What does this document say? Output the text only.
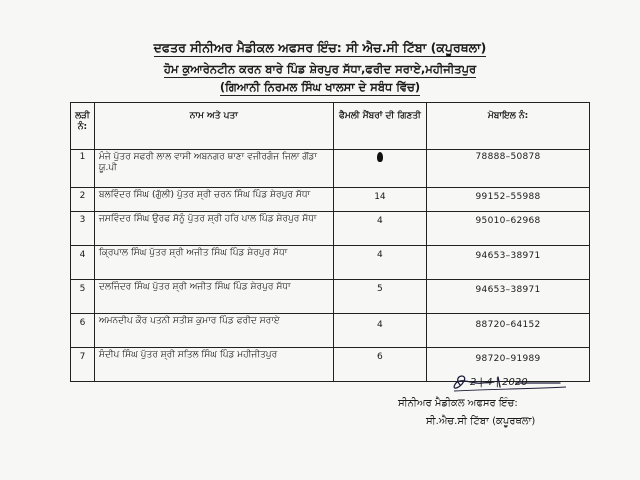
ਦਫਤਰ ਸੀਨੀਅਰ ਮੈਡੀਕਲ ਅਫਸਰ ਇੰਚ: ਸੀ ਐਚ.ਸੀ ਟਿੱਬਾ (ਕਪੂਰਥਲਾ)
ਹੋਮ ਕੁਆਰੇਨਟੀਨ ਕਰਨ ਬਾਰੇ ਪਿੰਡ ਸ਼ੇਰਪੁਰ ਸੱਧਾ,ਫਰੀਦ ਸਰਾਏ,ਮਹੀਜੀਤਪੁਰ
(ਗਿਆਨੀ ਨਿਰਮਲ ਸਿੰਘ ਖਾਲਸਾ ਦੇ ਸਬੰਧ ਵਿੱਚ)
ਲੜੀ ਨੰ:	ਨਾਮ ਅਤੇ ਪਤਾ	ਫੈਮਲੀ ਮੈਂਬਰਾਂ ਦੀ ਗਿਣਤੀ	ਮੋਬਾਇਲ ਨੰ:
1	ਮੰਜੇ ਪੁੱਤਰ ਸਫਰੀ ਲਾਲ ਵਾਸੀ ਅਬਨਗਰ ਥਾਣਾ ਵਜੀਰਗੰਜ ਜਿਲਾ ਗੋਂਡਾ ਯੂ.ਪੀ		78888–50878
2	ਬਲਵਿੰਦਰ ਸਿੰਘ (ਗੁੱਲੀ) ਪੁੱਤਰ ਸ਼੍ਰੀ ਚਰਨ ਸਿੰਘ ਪਿੰਡ ਸ਼ੇਰਪੁਰ ਸੱਧਾ	14	99152–55988
3	ਜਸਵਿੰਦਰ ਸਿੰਘ ਉਰਫ ਸੋਨੂੰ ਪੁੱਤਰ ਸ਼੍ਰੀ ਹਰਿ ਪਾਲ ਪਿੰਡ ਸ਼ੇਰਪੁਰ ਸੱਧਾ	4	95010–62968
4	ਕ੍ਰਿਪਾਲ ਸਿੰਘ ਪੁੱਤਰ ਸ਼੍ਰੀ ਅਜੀਤ ਸਿੰਘ ਪਿੰਡ ਸ਼ੇਰਪੁਰ ਸੱਧਾ	4	94653–38971
5	ਦਲਜਿੰਦਰ ਸਿੰਘ ਪੁੱਤਰ ਸ਼੍ਰੀ ਅਜੀਤ ਸਿੰਘ ਪਿੰਡ ਸ਼ੇਰਪੁਰ ਸੱਧਾ	5	94653–38971
6	ਅਮਨਦੀਪ ਕੌਰ ਪਤਨੀ ਸਤੀਸ਼ ਕੁਮਾਰ ਪਿੰਡ ਫਰੀਦ ਸਰਾਏ	4	88720–64152
7	ਸੰਦੀਪ ਸਿੰਘ ਪੁੱਤਰ ਸ਼੍ਰੀ ਸਤਿਲ ਸਿੰਘ ਪਿੰਡ ਮਹੀਜੀਤਪੁਰ	6	98720–91989
2 | 4 | 2020
ਸੀਨੀਅਰ ਮੈਡੀਕਲ ਅਫਸਰ ਇੰਚ:
ਸੀ.ਐਚ.ਸੀ ਟਿੱਬਾ (ਕਪੂਰਥਲਾ)
